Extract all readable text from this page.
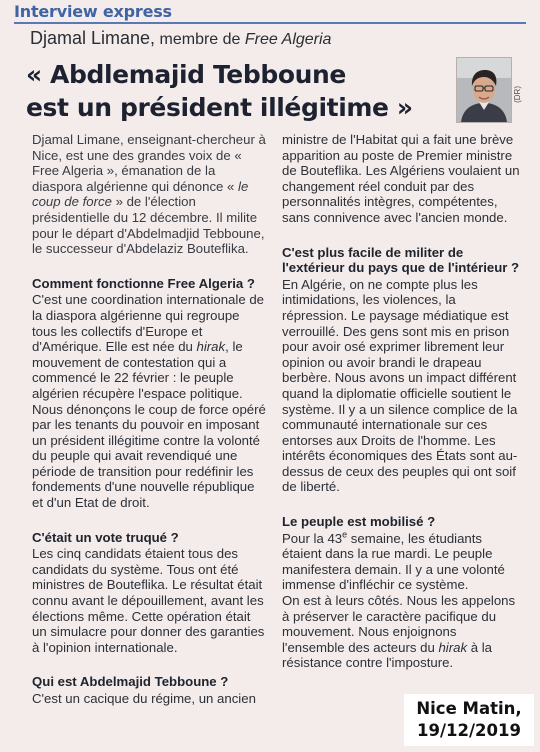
Interview express
Djamal Limane, membre de Free Algeria
« Abdlemajid Tebboune
est un président illégitime »	(DR)

Djamal Limane, enseignant-chercheur à Nice, est une des grandes voix de « Free Algeria », émanation de la diaspora algérienne qui dénonce « le coup de force » de l'élection présidentielle du 12 décembre. Il milite pour le départ d'Abdelmadjid Tebboune, le successeur d'Abdelaziz Bouteflika.

Comment fonctionne Free Algeria ?

C'est une coordination internationale de la diaspora algérienne qui regroupe tous les collectifs d'Europe et d'Amérique. Elle est née du hirak, le mouvement de contestation qui a commencé le 22 février : le peuple algérien récupère l'espace politique. Nous dénonçons le coup de force opéré par les tenants du pouvoir en imposant un président illégitime contre la volonté du peuple qui avait revendiqué une période de transition pour redéfinir les fondements d'une nouvelle république et d'un Etat de droit.

C'était un vote truqué ?

Les cinq candidats étaient tous des candidats du système. Tous ont été ministres de Bouteflika. Le résultat était connu avant le dépouillement, avant les élections même. Cette opération était un simulacre pour donner des garanties à l'opinion internationale.

Qui est Abdelmajid Tebboune ?

C'est un cacique du régime, un ancien

ministre de l'Habitat qui a fait une brève apparition au poste de Premier ministre de Bouteflika. Les Algériens voulaient un changement réel conduit par des personnalités intègres, compétentes, sans connivence avec l'ancien monde.

C'est plus facile de militer de l'extérieur du pays que de l'intérieur ?

En Algérie, on ne compte plus les intimidations, les violences, la répression. Le paysage médiatique est verrouillé. Des gens sont mis en prison pour avoir osé exprimer librement leur opinion ou avoir brandi le drapeau berbère. Nous avons un impact différent quand la diplomatie officielle soutient le système. Il y a un silence complice de la communauté internationale sur ces entorses aux Droits de l'homme. Les intérêts économiques des États sont au-dessus de ceux des peuples qui ont soif de liberté.

Le peuple est mobilisé ?

Pour la 43e semaine, les étudiants étaient dans la rue mardi. Le peuple manifestera demain. Il y a une volonté immense d'infléchir ce système.

On est à leurs côtés. Nous les appelons à préserver le caractère pacifique du mouvement. Nous enjoignons l'ensemble des acteurs du hirak à la résistance contre l'imposture.

Nice Matin,
19/12/2019
